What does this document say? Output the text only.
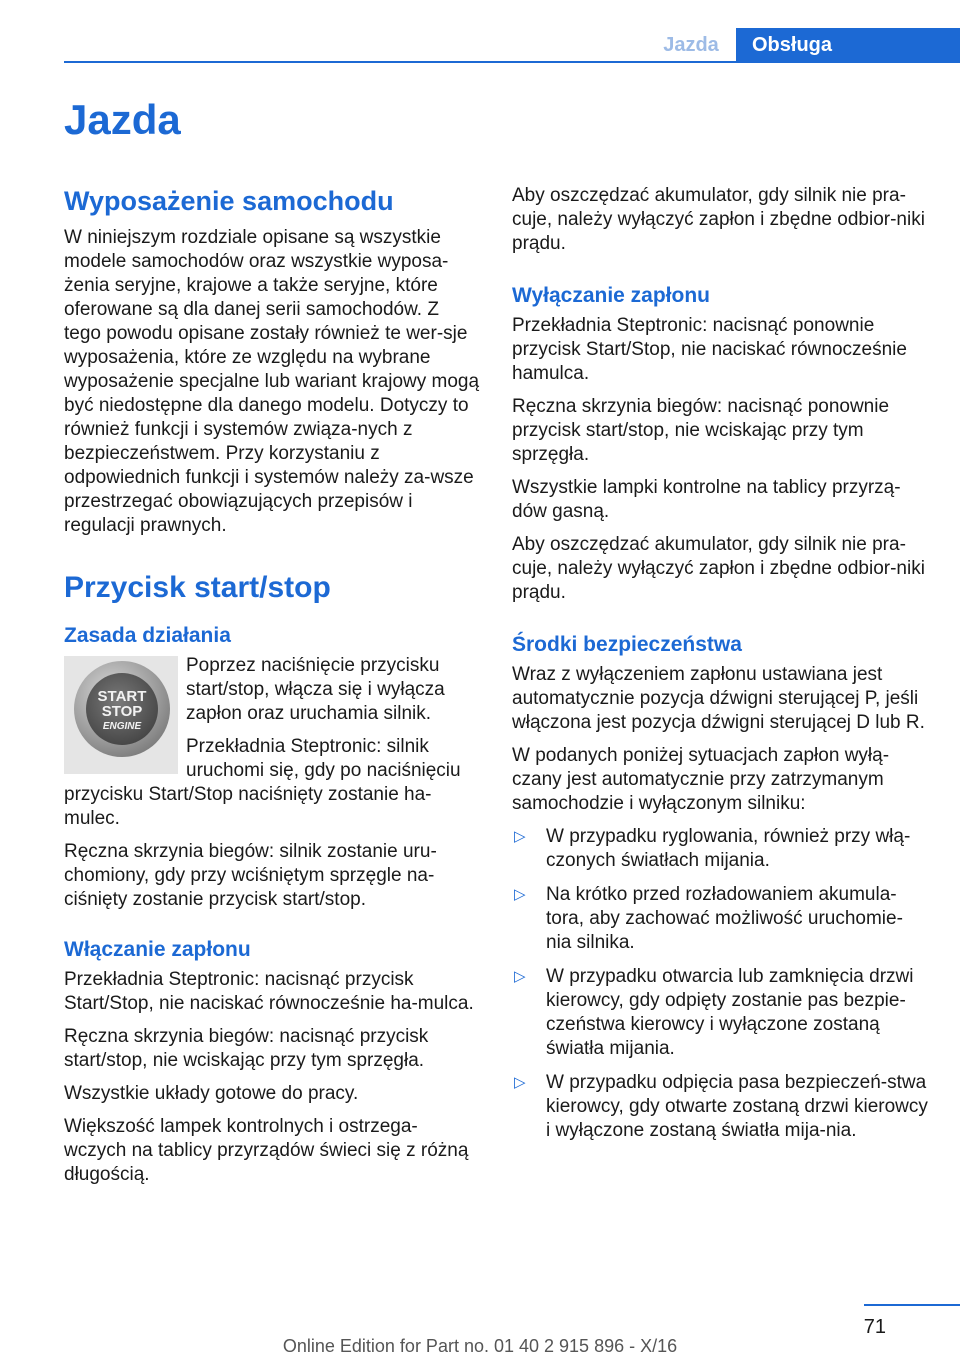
Jazda	Obsługa
Jazda
Wyposażenie samochodu

W niniejszym rozdziale opisane są wszystkie modele samochodów oraz wszystkie wyposa‐żenia seryjne, krajowe a także seryjne, które oferowane są dla danej serii samochodów. Z tego powodu opisane zostały również te wer‐sje wyposażenia, które ze względu na wybrane wyposażenie specjalne lub wariant krajowy mogą być niedostępne dla danego modelu. Dotyczy to również funkcji i systemów związa‐nych z bezpieczeństwem. Przy korzystaniu z odpowiednich funkcji i systemów należy za‐wsze przestrzegać obowiązujących przepisów i regulacji prawnych.

Przycisk start/stop
Zasada działania
START
STOP
ENGINE

Poprzez naciśnięcie przycisku start/stop, włącza się i wyłącza zapłon oraz uruchamia silnik.

Przekładnia Steptronic: silnik uruchomi się, gdy po naciśnięciu przycisku Start/Stop naciśnięty zostanie ha‐mulec.

Ręczna skrzynia biegów: silnik zostanie uru‐chomiony, gdy przy wciśniętym sprzęgle na‐ciśnięty zostanie przycisk start/stop.

Włączanie zapłonu

Przekładnia Steptronic: nacisnąć przycisk Start/Stop, nie naciskać równocześnie ha‐mulca.

Ręczna skrzynia biegów: nacisnąć przycisk start/stop, nie wciskając przy tym sprzęgła.

Wszystkie układy gotowe do pracy.

Większość lampek kontrolnych i ostrzega‐wczych na tablicy przyrządów świeci się z różną długością.

Aby oszczędzać akumulator, gdy silnik nie pra‐cuje, należy wyłączyć zapłon i zbędne odbior‐niki prądu.

Wyłączanie zapłonu

Przekładnia Steptronic: nacisnąć ponownie przycisk Start/Stop, nie naciskać równocześnie hamulca.

Ręczna skrzynia biegów: nacisnąć ponownie przycisk start/stop, nie wciskając przy tym sprzęgła.

Wszystkie lampki kontrolne na tablicy przyrzą‐dów gasną.

Aby oszczędzać akumulator, gdy silnik nie pra‐cuje, należy wyłączyć zapłon i zbędne odbior‐niki prądu.

Środki bezpieczeństwa

Wraz z wyłączeniem zapłonu ustawiana jest automatycznie pozycja dźwigni sterującej P, jeśli włączona jest pozycja dźwigni sterującej D lub R.

W podanych poniżej sytuacjach zapłon wyłą‐czany jest automatycznie przy zatrzymanym samochodzie i wyłączonym silniku:

▷ W przypadku ryglowania, również przy włą‐czonych światłach mijania.
▷ Na krótko przed rozładowaniem akumula‐tora, aby zachować możliwość uruchomie‐nia silnika.
▷ W przypadku otwarcia lub zamknięcia drzwi kierowcy, gdy odpięty zostanie pas bezpie‐czeństwa kierowcy i wyłączone zostaną światła mijania.
▷ W przypadku odpięcia pasa bezpieczeń‐stwa kierowcy, gdy otwarte zostaną drzwi kierowcy i wyłączone zostaną światła mija‐nia.
71
Online Edition for Part no. 01 40 2 915 896 - X/16
